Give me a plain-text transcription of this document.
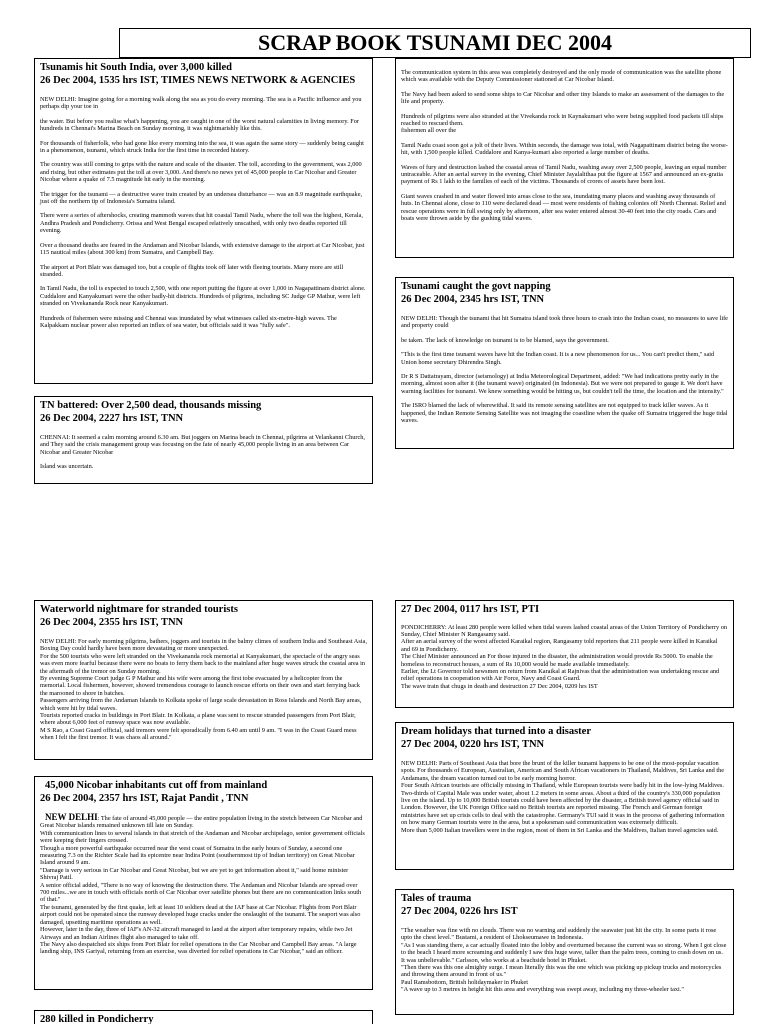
SCRAP BOOK TSUNAMI DEC 2004
Tsunamis hit South India, over 3,000 killed
26 Dec 2004, 1535 hrs IST, TIMES NEWS NETWORK & AGENCIES
NEW DELHI: Imagine going for a morning walk along the sea as you do every morning. The sea is a Pacific influence and you perhaps dip your toe in
the water. But before you realise what's happening, you are caught in one of the worst natural calamities in living memory. For hundreds in Chennai's Marina Beach on Sunday morning, it was nightmarishly like this.
For thousands of fisherfolk, who had gone like every morning into the sea, it was again the same story — suddenly being caught in a phenomenon, tsunami, which struck India for the first time in recorded history.
The country was still coming to grips with the nature and scale of the disaster. The toll, according to the government, was 2,000 and rising, but other estimates put the toll at over 3,000. And there's no news yet of 45,000 people in Car Nicobar and Greater Nicobar where a quake of 7.5 magnitude hit early in the morning.
The trigger for the tsunami — a destructive wave train created by an undersea disturbance — was an 8.9 magnitude earthquake, just off the northern tip of Indonesia's Sumatra island.
There were a series of aftershocks, creating mammoth waves that hit coastal Tamil Nadu, where the toll was the highest, Kerala, Andhra Pradesh and Pondicherry. Orissa and West Bengal escaped relatively unscathed, with only two deaths reported till evening.
Over a thousand deaths are feared in the Andaman and Nicobar Islands, with extensive damage to the airport at Car Nicobar, just 115 nautical miles (about 300 km) from Sumatra, and Campbell Bay.
The airport at Port Blair was damaged too, but a couple of flights took off later with fleeing tourists. Many more are still stranded.
In Tamil Nadu, the toll is expected to touch 2,500, with one report putting the figure at over 1,000 in Nagapattinam district alone. Cuddalore and Kanyakumari were the other badly-hit districts. Hundreds of pilgrims, including SC Judge GP Mathur, were left stranded on Vivekananda Rock near Kanyakumari.
Hundreds of fishermen were missing and Chennai was inundated by what witnesses called six-metre-high waves. The Kalpakkam nuclear power also reported an influx of sea water, but officials said it was "fully safe".
TN battered: Over 2,500 dead, thousands missing
26 Dec 2004, 2227 hrs IST, TNN
CHENNAI: It seemed a calm morning around 6.30 am. But joggers on Marina beach in Chennai, pilgrims at Velankanni Church, and They said the crisis management group was focusing on the fate of nearly 45,000 people living in an area between Car Nicobar and Greater Nicobar
Island was uncertain.
The communication system in this area was completely destroyed and the only mode of communication was the satellite phone which was available with the Deputy Commissioner stationed at Car Nicobar Island.
The Navy had been asked to send some ships to Car Nicobar and other tiny Islands to make an assessment of the damages to the life and property.
Hundreds of pilgrims were also stranded at the Vivekanda rock in Kaynakumari who were being supplied food packets till ships reached to rescued them.
fishermen all over the
Tamil Nadu coast soon got a jolt of their lives. Within seconds, the damage was total, with Nagapattinam district being the worse-hit, with 1,500 people killed. Cuddalore and Kanya-kumari also reported a large number of deaths.
Waves of fury and destruction lashed the coastal areas of Tamil Nadu, washing away over 2,500 people, leaving an equal number untraceable. After an aerial survey in the evening, Chief Minister Jayalalithaa put the figure at 1567 and announced an ex-gratia payment of Rs 1 lakh to the families of each of the victims. Thousands of crores of assets have been lost.
Giant waves crashed in and water flowed into areas close to the sea, inundating many places and washing away thousands of huts. In Chennai alone, close to 110 were declared dead — most were residents of fishing colonies off North Chennai. Relief and rescue operations were in full swing only by afternoon, after sea water entered almost 30-40 feet into the city roads. Cars and boats were thrown aside by the gushing tidal waves.
Tsunami caught the govt napping
26 Dec 2004, 2345 hrs IST, TNN
NEW DELHI: Though the tsunami that hit Sumatra island took three hours to crash into the Indian coast, no measures to save life and property could
be taken. The lack of knowledge on tsunami is to be blamed, says the government.
"This is the first time tsunami waves have hit the Indian coast. It is a new phenomenon for us... You can't predict them," said Union home secretary Dhirendra Singh.
Dr R S Dattatrayam, director (seismology) at India Meteorological Department, added: "We had indications pretty early in the morning, almost soon after it (the tsunami wave) originated (in Indonesia). But we were not prepared to gauge it. We don't have warning facilities for tsunami. We knew something would be hitting us, but couldn't tell the time, the location and the intensity."
The ISRO blamed the lack of wherewithal. It said its remote sensing satellites are not equipped to track killer waves. As it happened, the Indian Remote Sensing Satellite was not imaging the coastline when the quake off Sumatra triggered the huge tidal waves.
Waterworld nightmare for stranded tourists
26 Dec 2004, 2355 hrs IST, TNN
NEW DELHI: For early morning pilgrims, bathers, joggers and tourists in the balmy climes of southern India and Southeast Asia, Boxing Day could hardly have been more devastating or more unexpected.
For the 500 tourists who were left stranded on the Vivekananda rock memorial at Kanyakumari, the spectacle of the angry seas was even more fearful because there were no boats to ferry them back to the mainland after huge waves struck the coastal area in the aftermath of the tremor on Sunday morning.
By evening Supreme Court judge G P Mathur and his wife were among the first tobe evacuated by a helicopter from the memorial. Local fishermen, however, showed tremendous courage to launch rescue efforts on their own and start ferrying back the marooned to shore in batches.
Passengers arriving from the Andaman Islands to Kolkata spoke of large scale devastation in Ross Islands and North Bay areas, which were hit by tidal waves.
Tourists reported cracks in buildings in Port Blair. In Kolkata, a plane was sent to rescue stranded passengers from Port Blair, where about 6,000 feet of runway space was now available.
M S Rao, a Coast Guard official, said tremors were felt sporadically from 6.40 am until 9 am. "I was in the Coast Guard mess when I felt the first tremor. It was chaos all around."
45,000 Nicobar inhabitants cut off from mainland
26 Dec 2004, 2357 hrs IST, Rajat Pandit , TNN
NEW DELHI: The fate of around 45,000 people — the entire population living in the stretch between Car Nicobar and Great Nicobar islands remained unknown till late on Sunday.
With communication lines to several islands in that stretch of the Andaman and Nicobar archipelago, senior government officials were keeping their fingers crossed.
Though a more powerful earthquake occurred near the west coast of Sumatra in the early hours of Sunday, a second one measuring 7.3 on the Richter Scale had its epicentre near Indira Point (southernmost tip of Indian territory) on Great Nicobar Island around 9 am.
"Damage is very serious in Car Nicobar and Great Nicobar, but we are yet to get information about it," said home minister Shivraj Patil.
A senior official added, "There is no way of knowing the destruction there. The Andaman and Nicobar Islands are spread over 700 miles...we are in touch with officials north of Car Nicobar over satellite phones but there are no communication links south of that."
The tsunami, generated by the first quake, left at least 10 soldiers dead at the IAF base at Car Nicobar. Flights from Port Blair airport could not be operated since the runway developed huge cracks under the onslaught of the tsunami. The seaport was also damaged, upsetting maritime operations as well.
However, later in the day, three of IAF's AN-32 aircraft managed to land at the airport after temporary repairs, while two Jet Airways and an Indian Airlines flight also managed to take off.
The Navy also despatched six ships from Port Blair for relief operations in the Car Nicobar and Campbell Bay areas. "A large landing ship, INS Gariyal, returning from an exercise, was diverted for relief operations in Car Nicobar," said an officer.
280 killed in Pondicherry
27 Dec 2004, 0117 hrs IST, PTI
PONDICHERRY: At least 280 people were killed when tidal waves lashed coastal areas of the Union Territory of Pondicherry on Sunday, Chief Minister N Rangasamy said.
After an aerial survey of the worst affected Karaikal region, Rangasamy told reporters that 211 people were killed in Karaikal and 69 in Pondicherry.
The Chief Minister announced an For those injured in the disaster, the administration would provide Rs 5000. To enable the homeless to reconstruct houses, a sum of Rs 10,000 would be made available immediately.
Earlier, the Lt Governor told newsmen on return from Karaikal at Rajnivas that the administration was undertaking rescue and relief operations in cooperation with Air Force, Navy and Coast Guard.
The wave train that chugs in death and destruction 27 Dec 2004, 0209 hrs IST
Dream holidays that turned into a disaster
27 Dec 2004, 0220 hrs IST, TNN
NEW DELHI: Parts of Southeast Asia that bore the brunt of the killer tsunami happens to be one of the most-popular vacation spots. For thousands of European, Australian, American and South African vacationers in Thailand, Maldives, Sri Lanka and the Andamans, the dream vacation turned out to be early morning horror.
Four South African tourists are officially missing in Thailand, while European tourists were badly hit in the low-lying Maldives.
Two-thirds of Capital Male was under water, about 1.2 meters in some areas. About a third of the country's 330,000 population live on the island. Up to 10,000 British tourists could have been affected by the disaster, a British travel agency official said in London. However, the UK Foreign Office said no British tourists are reported missing. The French and German foreign ministries have set up crisis cells to deal with the catastrophe. Germany's TUI said it was in the process of gathering information on how many German tourists were in the area, but a spokesman said communication was extremely difficult.
More than 5,000 Italian travellers were in the region, most of them in Sri Lanka and the Maldives, Italian travel agencies said.
Tales of trauma
27 Dec 2004, 0226 hrs IST
"The weather was fine with no clouds. There was no warning and suddenly the seawater just hit the city. In some parts it rose upto the chest level." Bustami, a resident of Lhokseumawe in Indonesia.
"As I was standing there, a car actually floated into the lobby and overturned because the current was so strong. When I got close to the beach I heard more screaming and suddenly I saw this huge wave, taller than the palm trees, coming to crash down on us. It was unbelievable." Carlsson, who works at a beachside hotel in Phuket.
"Then there was this one almighty surge. I mean literally this was the one which was picking up pickup trucks and motorcycles and throwing them around in front of us."
Paul Ramsbottom, British holidaymaker in Phuket
"A wave up to 3 metres in height hit this area and everything was swept away, including my three-wheeler taxi."
